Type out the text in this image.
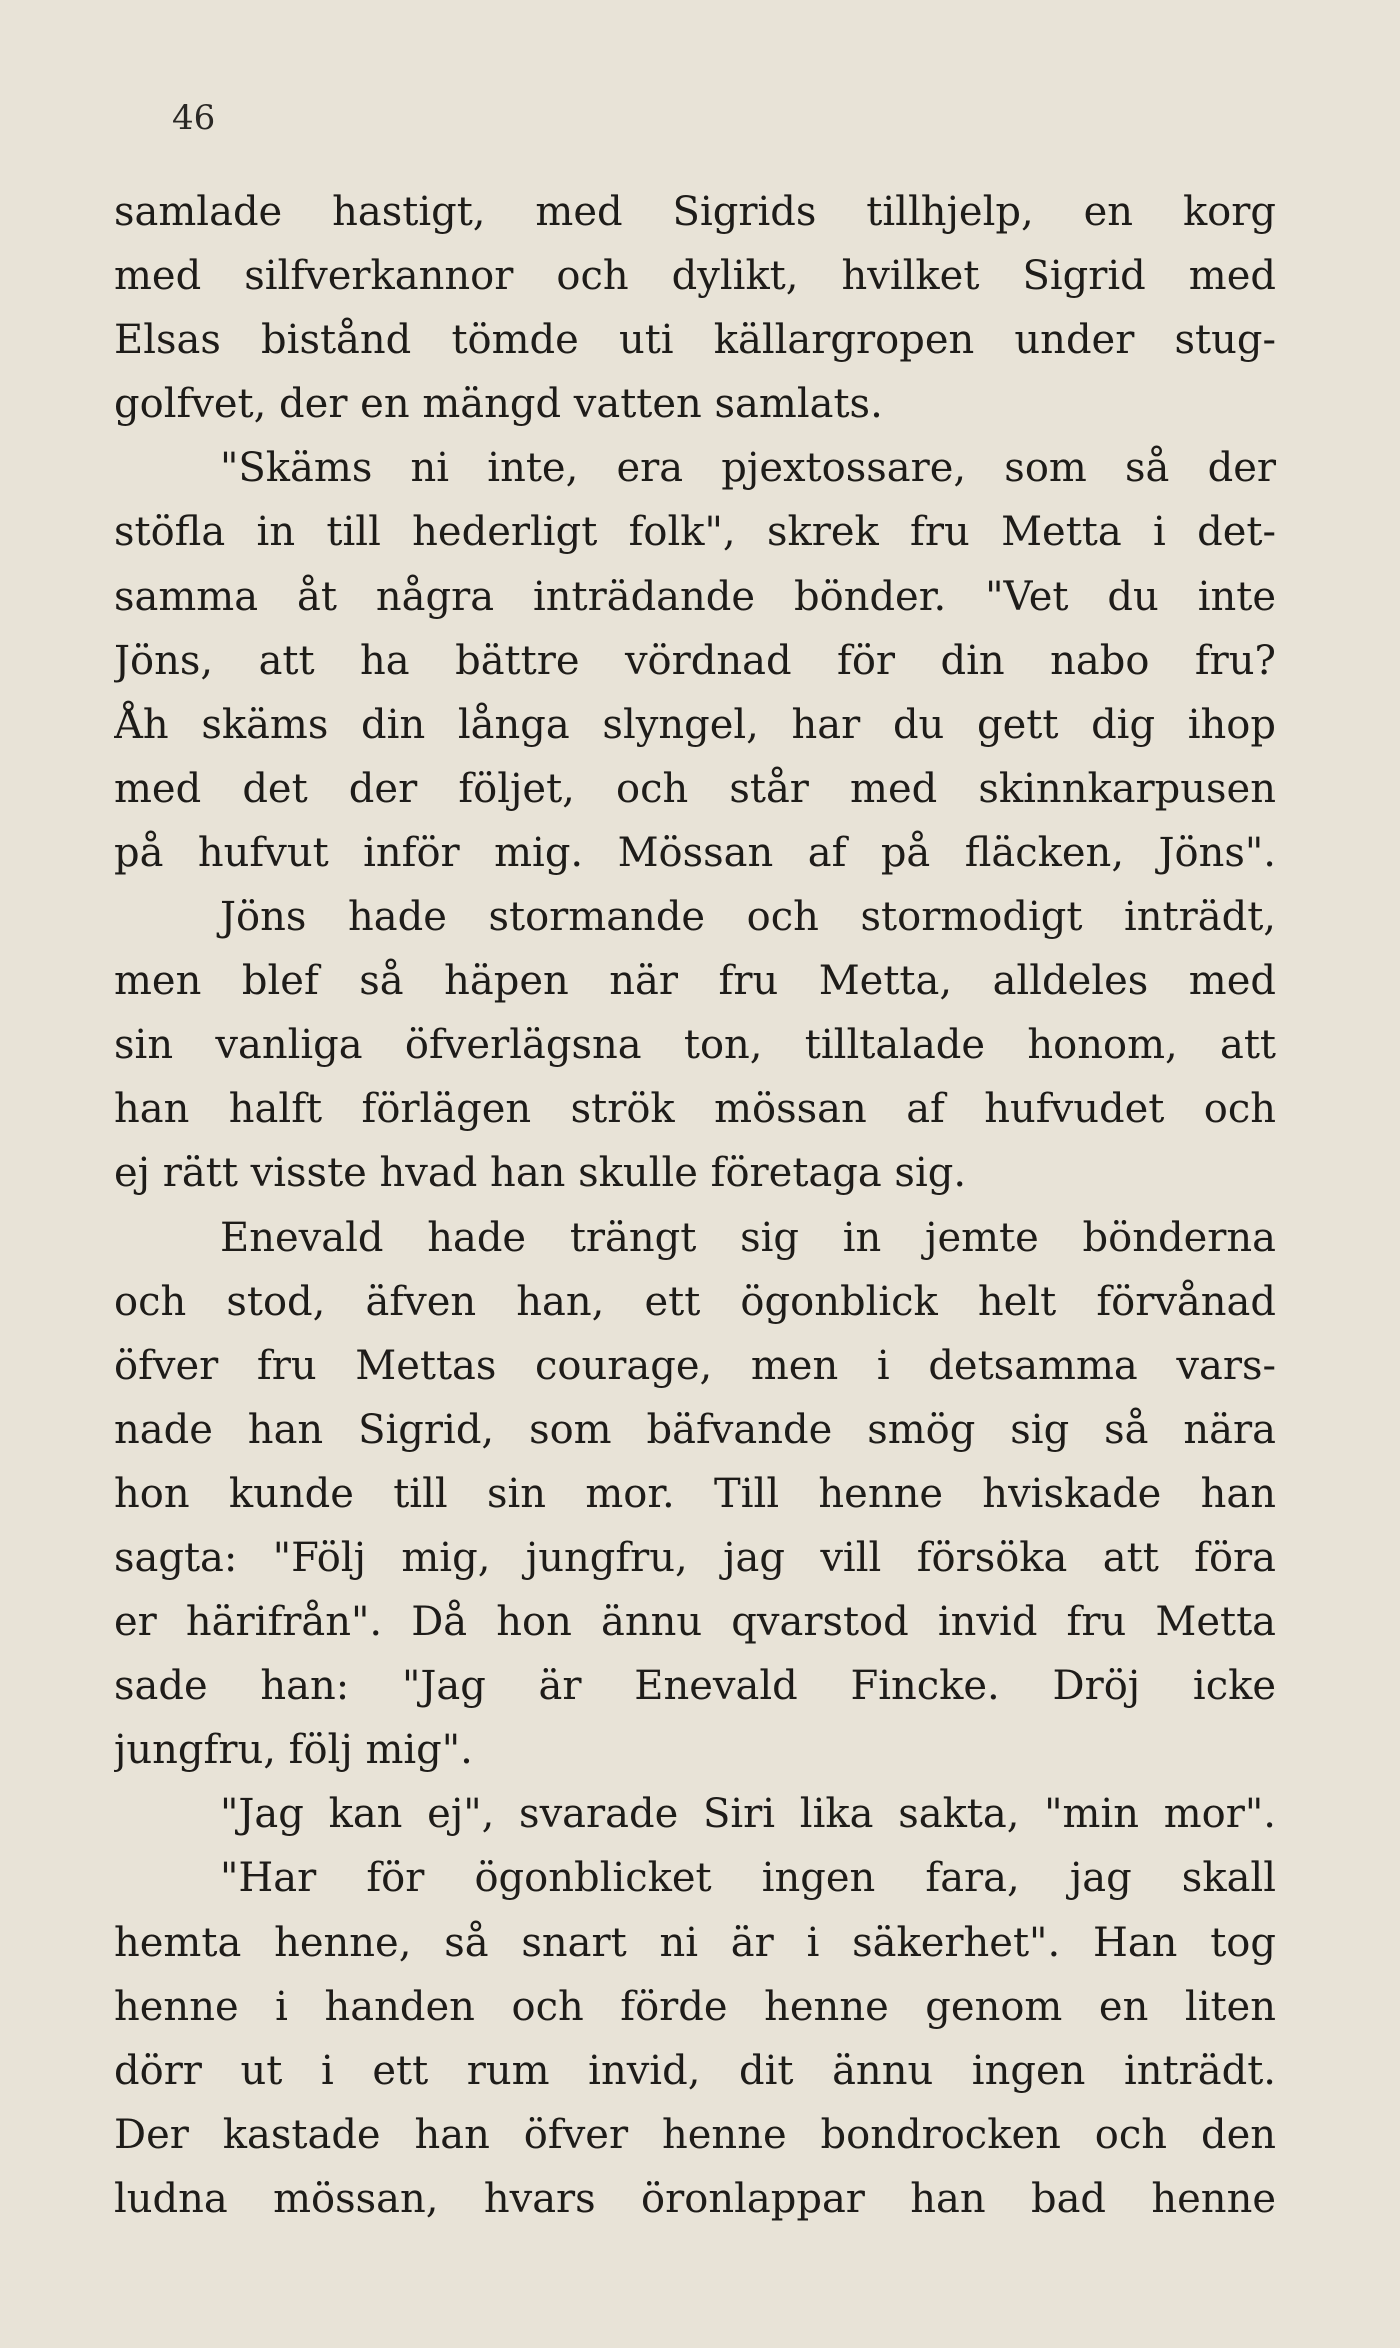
46
samlade hastigt, med Sigrids tillhjelp, en korg
med silfverkannor och dylikt, hvilket Sigrid med
Elsas bistånd tömde uti källargropen under stug-
golfvet, der en mängd vatten samlats.
"Skäms ni inte, era pjextossare, som så der
stöfla in till hederligt folk", skrek fru Metta i det-
samma åt några inträdande bönder. "Vet du inte
Jöns, att ha bättre vördnad för din nabo fru?
Åh skäms din långa slyngel, har du gett dig ihop
med det der följet, och står med skinnkarpusen
på hufvut inför mig. Mössan af på fläcken, Jöns".
Jöns hade stormande och stormodigt inträdt,
men blef så häpen när fru Metta, alldeles med
sin vanliga öfverlägsna ton, tilltalade honom, att
han halft förlägen strök mössan af hufvudet och
ej rätt visste hvad han skulle företaga sig.
Enevald hade trängt sig in jemte bönderna
och stod, äfven han, ett ögonblick helt förvånad
öfver fru Mettas courage, men i detsamma vars-
nade han Sigrid, som bäfvande smög sig så nära
hon kunde till sin mor. Till henne hviskade han
sagta: "Följ mig, jungfru, jag vill försöka att föra
er härifrån". Då hon ännu qvarstod invid fru Metta
sade han: "Jag är Enevald Fincke. Dröj icke
jungfru, följ mig".
"Jag kan ej", svarade Siri lika sakta, "min mor".
"Har för ögonblicket ingen fara, jag skall
hemta henne, så snart ni är i säkerhet". Han tog
henne i handen och förde henne genom en liten
dörr ut i ett rum invid, dit ännu ingen inträdt.
Der kastade han öfver henne bondrocken och den
ludna mössan, hvars öronlappar han bad henne
